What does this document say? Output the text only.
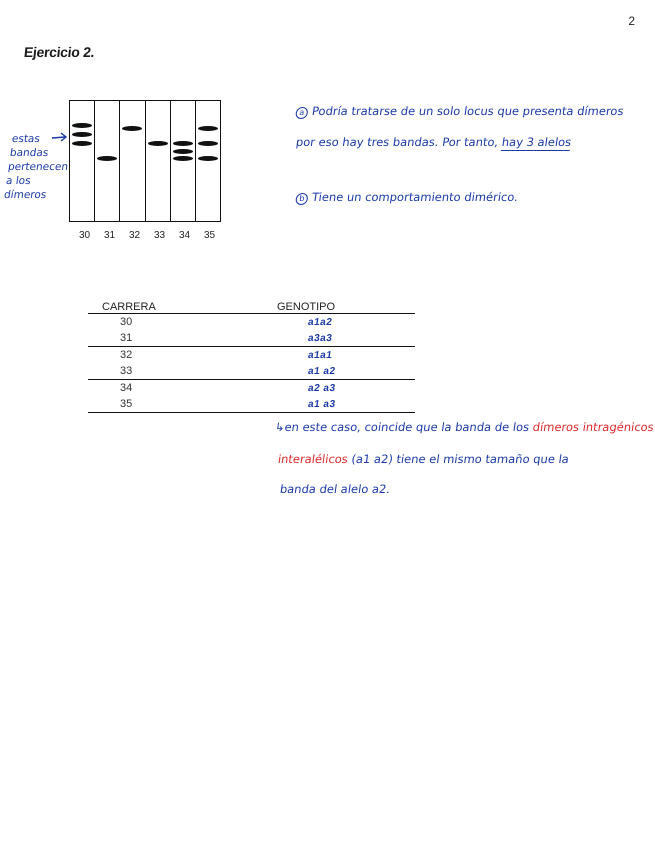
2
Ejercicio 2.
estas
bandas
pertenecen
a los
dímeros
30	31	32	33	34	35
a Podría tratarse de un solo locus que presenta dímeros
por eso hay tres bandas. Por tanto, hay 3 alelos
b Tiene un comportamiento dimérico.
CARRERA	GENOTIPO
30	a1a2
31	a3a3
32	a1a1
33	a1 a2
34	a2 a3
35	a1 a3
↳en este caso, coincide que la banda de los dímeros intragénicos
interalélicos (a1 a2) tiene el mismo tamaño que la
banda del alelo a2.
